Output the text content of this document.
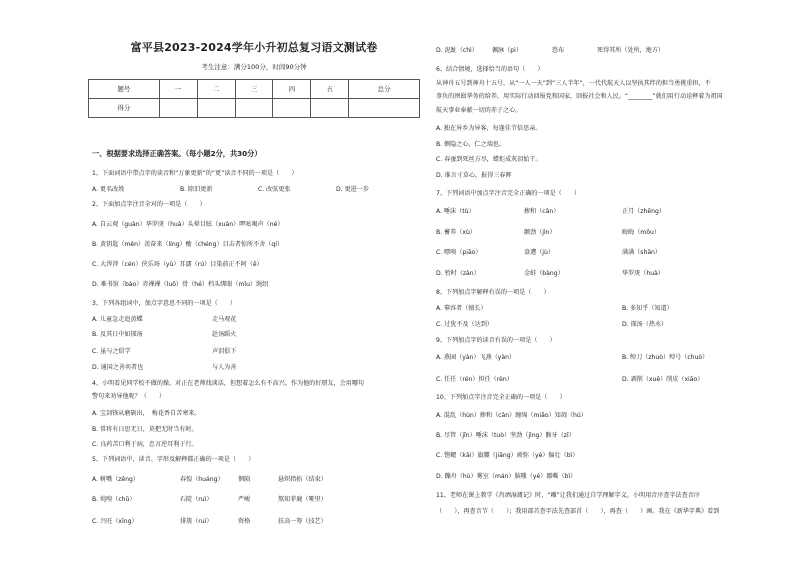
富平县2023-2024学年小升初总复习语文测试卷
考生注意：满分100分，时间90分钟
题号	一	二	三	四	五	总分
得分						
一、根据要求选择正确答案。（每小题2分，共30分）
1、下面词语中带点字的读音和“万象更新”的“更”读音不同的一项是（　　）
A. 更名改姓	B. 除旧更新	C. 改弦更张	D. 更进一步
2、下面加点字注音全对的一项是（　　）
A. 自云观（guàn）华罗庚（huà）头晕目眩（xuàn）啰吆喝声（né）
B. 黄钥匙（měn）羡奋来（líng）酸（chéng）目击者惊所不舍（qí）
C. 大涔涔（cén）侠乐场（yù）耳濡（rú）目染前正不阿（ē）
D. 难书馆（bào）赤裸裸（luǒ）骨（hé）档头绑眼（mǐu）绳绍
3、下列各组词中，加点字意思不同的一项是（　　）
A. 儿童急走追黄蝶	走马观花
B. 及其日中如探汤	赴汤蹈火
C. 虽与之俱学	声泪俱下
D. 通国之善奕者也	与人为善
4、小明看见同学校不做的操，对正在老师找谈话，但想着怎么有不高兴。作为他的好朋友，会用哪句
警句来劝导他呢？（　　）
A. 宝剑锋从磨砺出，　梅花香自苦寒来。
B. 常将有日思无日，莫把无时当有时。
C. 良药苦口利于病，忠言逆耳利于行。
5、下列词语中，读音、字形及解释都正确的一项是（　　）
A. 树嘴（zēng）	春惶（huáng） 徊陨	悬炽指掐（结束）
B. 炖嗅（chǔ）	石陡（ruì）	严峻	熬知菲鹿（哑里）
C. 兴旺（xīng）	排簇（ruì）	资格	扶高一筹（技艺）
D. 泥趾（chì） 佩脉（pì）	恐布	死得其所（处所，地方）
6、结合情境，选择恰当的语句（　　）
从神舟五号到神舟十五号，从“一人一天”到“三人半年”，一代代航天人以坚执其绊的担当勇挑重担，不
事负的囹囵华务的给养，用实际行动回报党和国家，回报社会和人民。“________”就们用行动诠释着为祖国
航天事业奉献一切的赤子之心。
A. 独在异乡为异客，每逢佳节倍思亲。
B. 侧隐之心，仁之端也。
C. 春蚕到死丝方尽，蜡炬成灰泪始干。
D. 谁言寸草心，报得三春晖
7、下列词语中加点字注音完全正确的一项是（　　）
A. 唾沫（tù）	掺和（cān）	正月（zhēng）
B. 蓄养（xù）	颤劲（jìn）	晦晦（mǒu）
C. 嘌嗅（piāo）	盎遭（jù）	满满（shān）
D. 暂时（zàn）	金蚌（bàng）	华罗庚（huà）
8、下列加点字解释有误的一项是（　　）
A. 摹容者（擅长）	B. 多知乎（知道）
C. 过犹不及（达到）	D. 探汤（热水）
9、下列加点字的读音有误的一项是（　　）
A. 燕园（yàn）飞燕（yàn）	B. 绰刀（zhuò）绰号（chuò）
C. 任任（rén）担任（rèn）	D. 剥削（xuē）削皮（xiāo）
10、下列加点字注音完全正确的一项是（　　）
A. 混乱（hùn）掺和（cān）缠绵（miǎo）知凋（hú）
B. 尽管（jǐn）唾沫（tuò）坚劲（jìng）骸牙（zī）
C. 铿鳃（kāi）旗腰（jiāng）顽弥（yè）倔壮（bì）
D. 蹦舟（hù）雾室（mán）脑嗤（yé）鄙嘶（bì）
11、老师在课上教学《肖洒湿溉记》时，“雕”让我们通过自学理解字义。小明用音序查字法查音序
（　　），再查音节（　　）；我用部首查字法先查部首（　　），再查（　　）画。我在《新华字典》看到
